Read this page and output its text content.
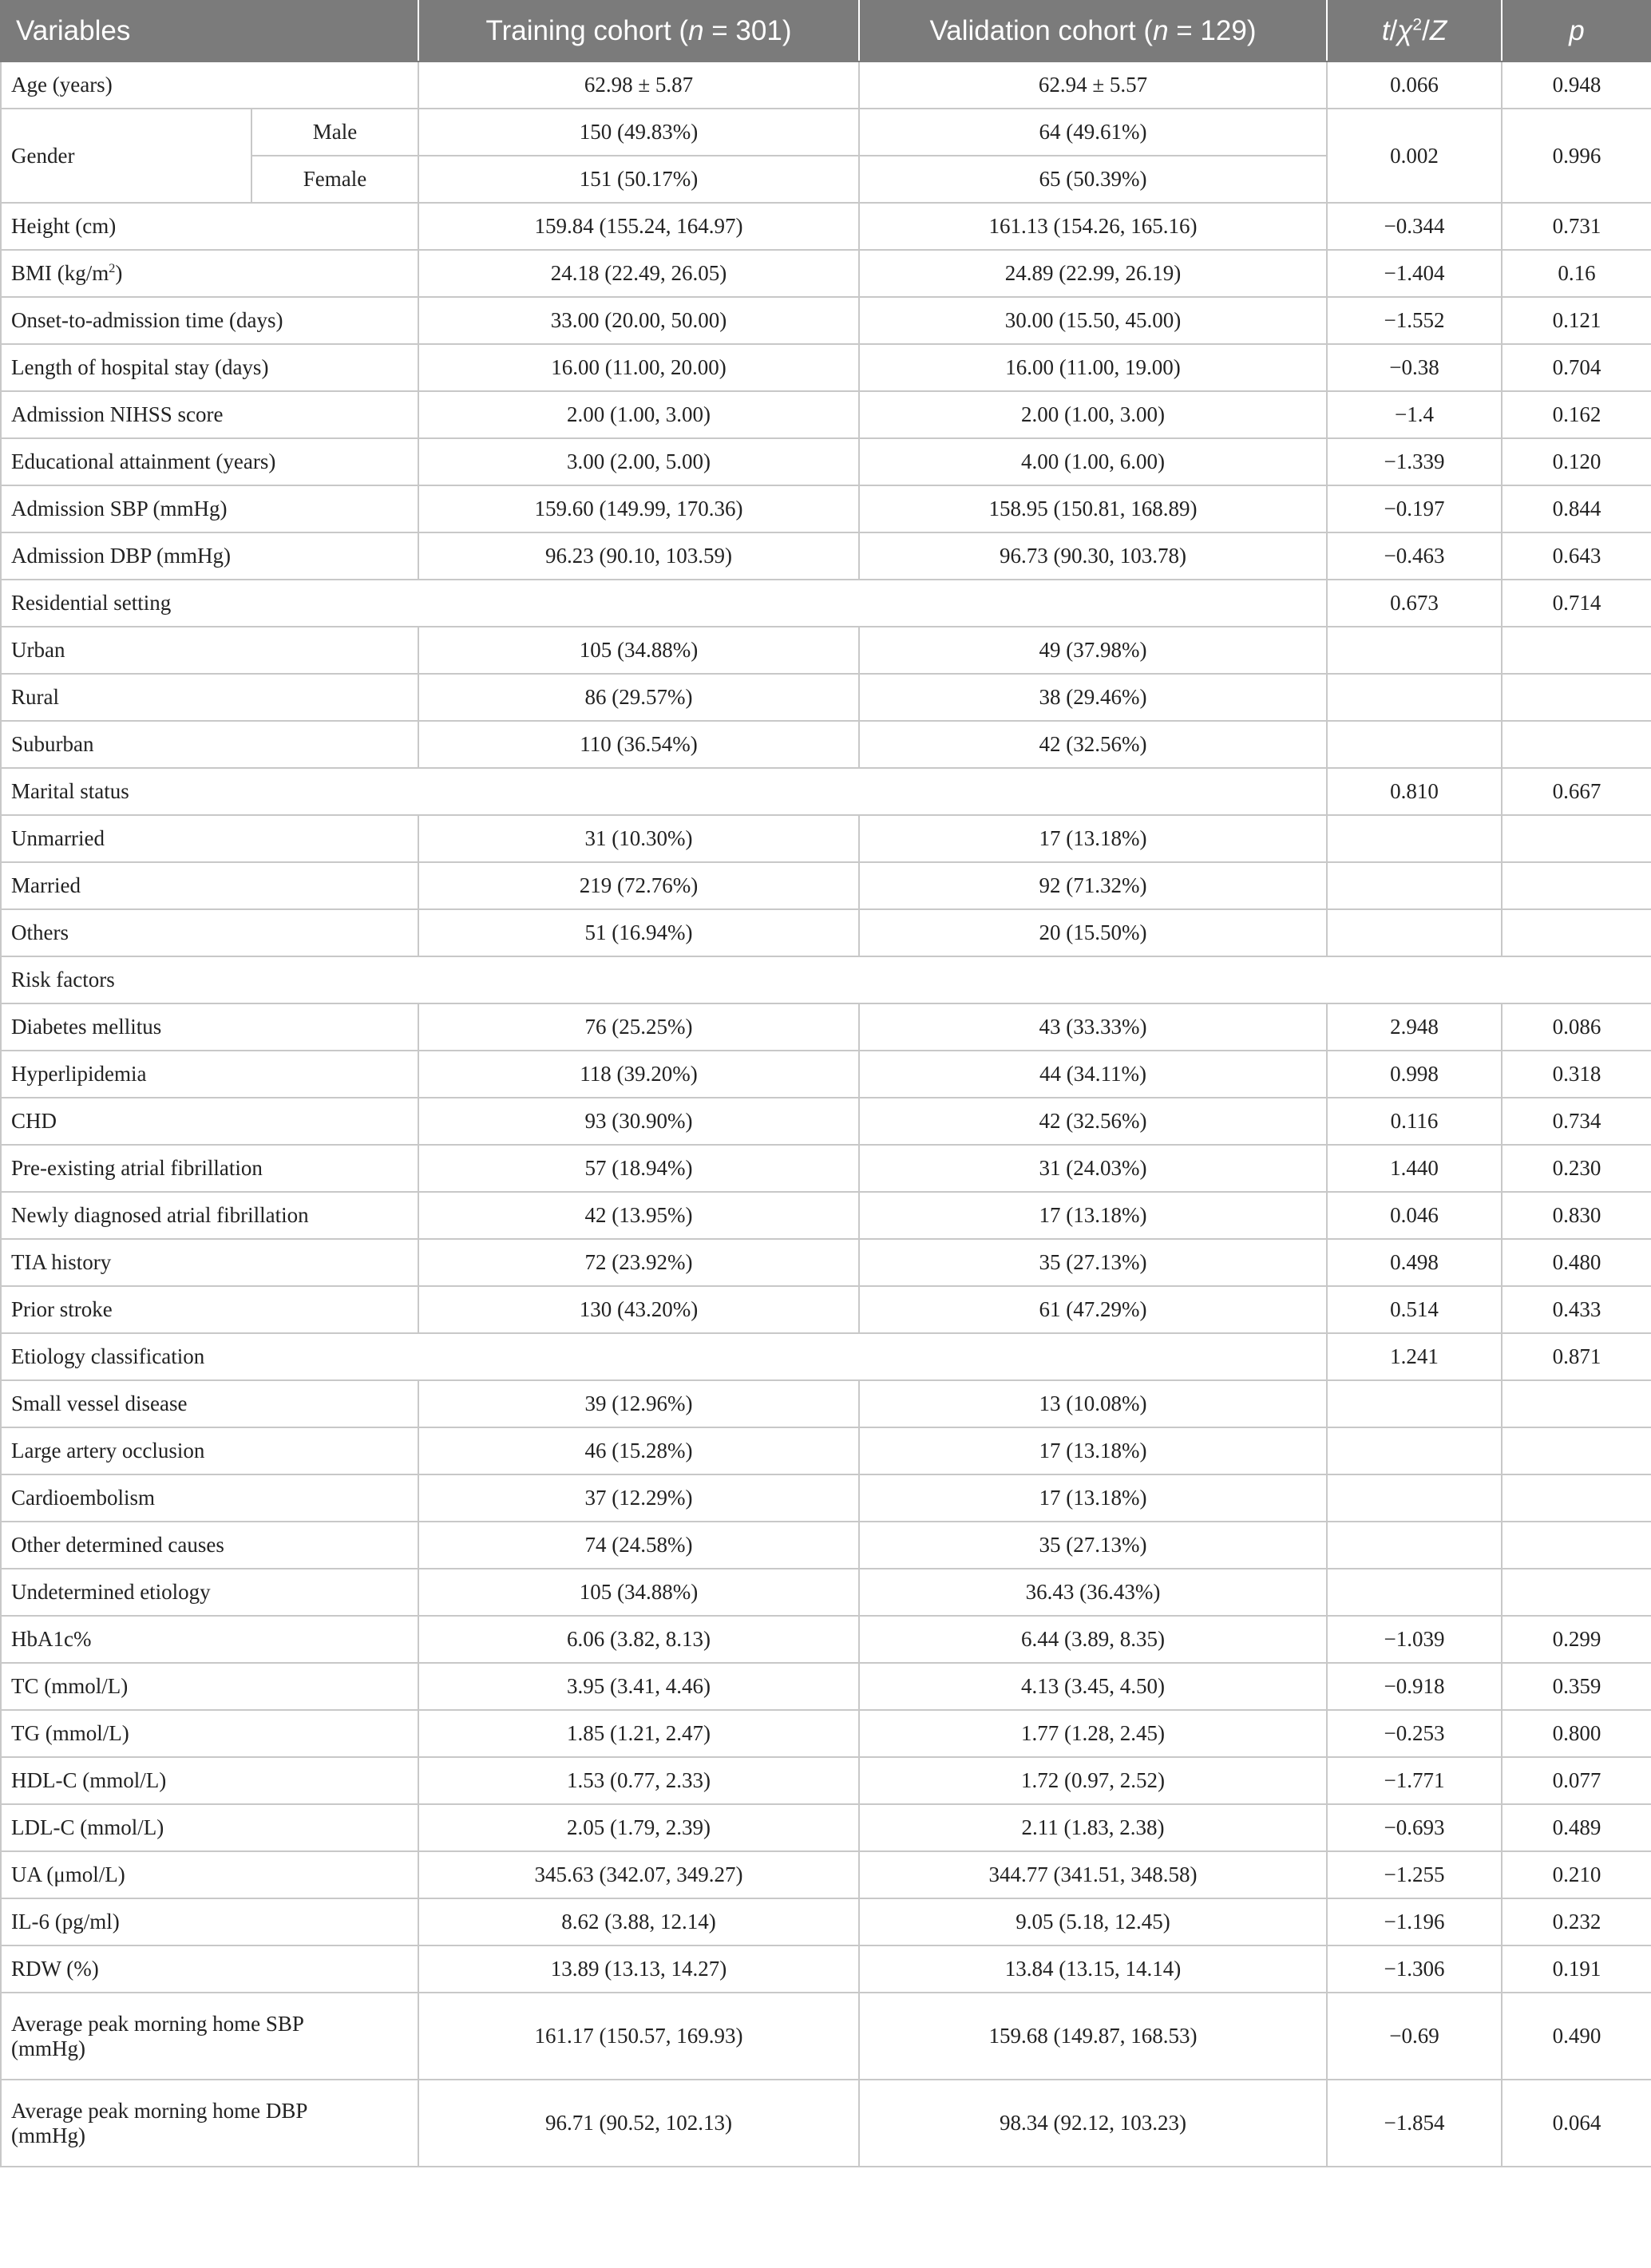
Variables		Training cohort (n = 301)	Validation cohort (n = 129)	$t/\chi^2/Z$	p
Age (years)		62.98 ± 5.87	62.94 ± 5.57	0.066	0.948
Gender	Male	150 (49.83%)	64 (49.61%)	0.002	0.996
	Female	151 (50.17%)	65 (50.39%)		
Height (cm)		159.84 (155.24, 164.97)	161.13 (154.26, 165.16)	−0.344	0.731
BMI $(kg/m^2)$		24.18 (22.49, 26.05)	24.89 (22.99, 26.19)	−1.404	0.16
Onset-to-admission time (days)		33.00 (20.00, 50.00)	30.00 (15.50, 45.00)	−1.552	0.121
Length of hospital stay (days)		16.00 (11.00, 20.00)	16.00 (11.00, 19.00)	−0.38	0.704
Admission NIHSS score		2.00 (1.00, 3.00)	2.00 (1.00, 3.00)	−1.4	0.162
Educational attainment (years)		3.00 (2.00, 5.00)	4.00 (1.00, 6.00)	−1.339	0.120
Admission SBP (mmHg)		159.60 (149.99, 170.36)	158.95 (150.81, 168.89)	−0.197	0.844
Admission DBP (mmHg)		96.23 (90.10, 103.59)	96.73 (90.30, 103.78)	−0.463	0.643
Residential setting				0.673	0.714
Urban		105 (34.88%)	49 (37.98%)		
Rural		86 (29.57%)	38 (29.46%)		
Suburban		110 (36.54%)	42 (32.56%)		
Marital status				0.810	0.667
Unmarried		31 (10.30%)	17 (13.18%)		
Married		219 (72.76%)	92 (71.32%)		
Others		51 (16.94%)	20 (15.50%)		
Risk factors					
Diabetes mellitus		76 (25.25%)	43 (33.33%)	2.948	0.086
Hyperlipidemia		118 (39.20%)	44 (34.11%)	0.998	0.318
CHD		93 (30.90%)	42 (32.56%)	0.116	0.734
Pre-existing atrial fibrillation		57 (18.94%)	31 (24.03%)	1.440	0.230
Newly diagnosed atrial fibrillation		42 (13.95%)	17 (13.18%)	0.046	0.830
TIA history		72 (23.92%)	35 (27.13%)	0.498	0.480
Prior stroke		130 (43.20%)	61 (47.29%)	0.514	0.433
Etiology classification				1.241	0.871
Small vessel disease		39 (12.96%)	13 (10.08%)		
Large artery occlusion		46 (15.28%)	17 (13.18%)		
Cardioembolism		37 (12.29%)	17 (13.18%)		
Other determined causes		74 (24.58%)	35 (27.13%)		
Undetermined etiology		105 (34.88%)	36.43 (36.43%)		
HbA1c%		6.06 (3.82, 8.13)	6.44 (3.89, 8.35)	−1.039	0.299
TC (mmol/L)		3.95 (3.41, 4.46)	4.13 (3.45, 4.50)	−0.918	0.359
TG (mmol/L)		1.85 (1.21, 2.47)	1.77 (1.28, 2.45)	−0.253	0.800
HDL-C (mmol/L)		1.53 (0.77, 2.33)	1.72 (0.97, 2.52)	−1.771	0.077
LDL-C (mmol/L)		2.05 (1.79, 2.39)	2.11 (1.83, 2.38)	−0.693	0.489
UA (μmol/L)		345.63 (342.07, 349.27)	344.77 (341.51, 348.58)	−1.255	0.210
IL-6 (pg/ml)		8.62 (3.88, 12.14)	9.05 (5.18, 12.45)	−1.196	0.232
RDW (%)		13.89 (13.13, 14.27)	13.84 (13.15, 14.14)	−1.306	0.191
Average peak morning home SBP
(mmHg)		161.17 (150.57, 169.93)	159.68 (149.87, 168.53)	−0.69	0.490
Average peak morning home DBP
(mmHg)		96.71 (90.52, 102.13)	98.34 (92.12, 103.23)	−1.854	0.064
